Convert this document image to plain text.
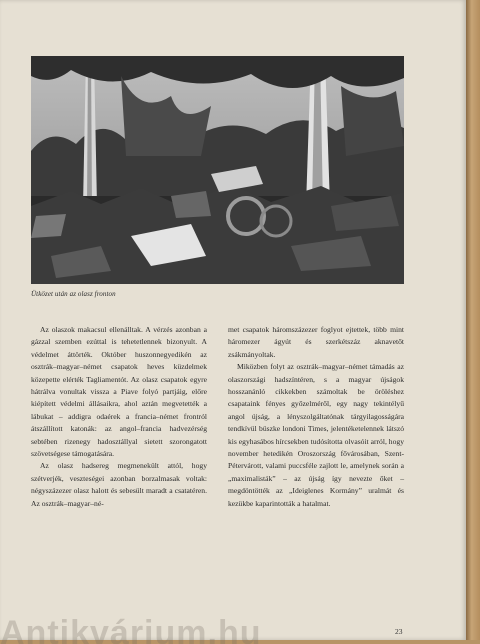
Ütközet után az olasz fronton

Az olaszok makacsul ellenálltak. A vérzés azonban a gázzal szemben ezúttal is tehetetlennek bizonyult. A védelmet áttörték. Október huszonnegyedikén az osztrák–magyar–német csapatok heves küzdelmek közepette elérték Tagliamentót. Az olasz csapatok egyre hátrálva vonultak vissza a Piave folyó partjáig, előre kiépített védelmi állásaikra, ahol aztán megvetették a lábukat – addigra odaérek a francia–német frontról átszállított katonák: az angol–francia hadvezérség sebtében rizenegy hadosztállyal sietett szorongatott szövetségese támogatására.

Az olasz hadsereg megmenekült attól, hogy szétverjék, veszteségei azonban borzalmasak voltak: négyszázezer olasz halott és sebesült maradt a csatatéren. Az osztrák–magyar–né-

met csapatok háromszázezer foglyot ejtettek, több mint háromezer ágyút és szerkétszáz aknavetőt zsákmányoltak.

Miközben folyt az osztrák–magyar–német támadás az olaszországi hadszíntéren, s a magyar újságok hosszanánló cikkekben számoltak be öröléshez csapataink fényes győzelméről, egy nagy tekintélyű angol újság, a lényszolgáltatónak tárgyilagosságára tendkívül büszke londoni Times, jelentéketelennek látszó kis egyhasábos hírcsekben tudósította olvasóit arról, hogy november hetedikén Oroszország fővárosában, Szent-Pétervárott, valami puccsféle zajlott le, amelynek során a „maximalisták” – az újság így nevezte őket – megdöntötték az „Ideiglenes Kormány” uralmát és kezükbe kaparintották a hatalmat.

23
Antikvárium.hu
